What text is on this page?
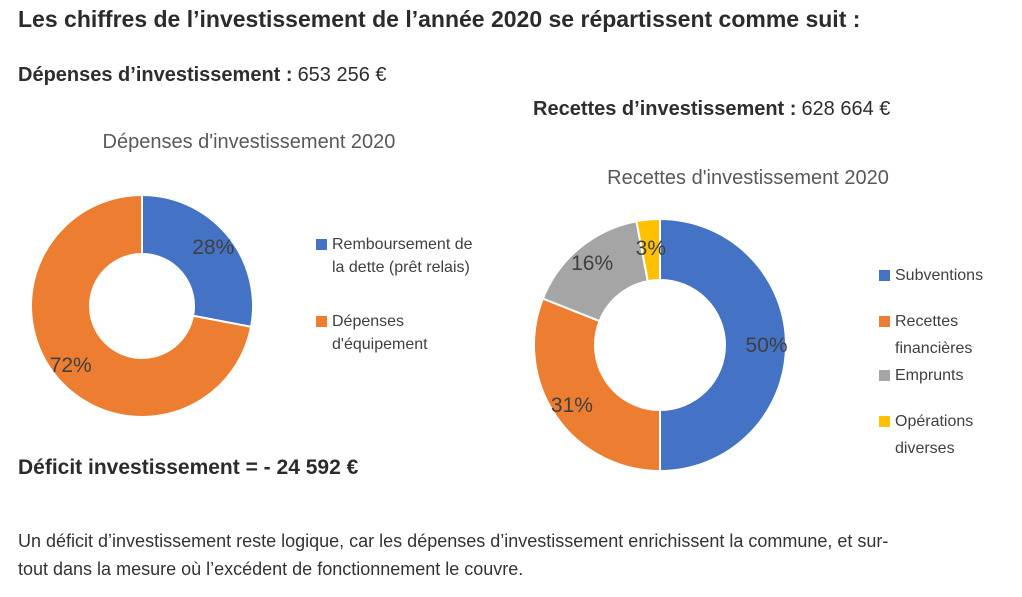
Les chiffres de l’investissement de l’année 2020 se répartissent comme suit :
Dépenses d’investissement : 653 256 €
Recettes d’investissement : 628 664 €
Dépenses d'investissement 2020
28%
72%
Remboursement de la dette (prêt relais)
Dépenses d'équipement
Recettes d'investissement 2020
50%
31%
16%
3%
Subventions
Recettes financières
Emprunts
Opérations diverses
Déficit investissement = - 24 592 €
Un déficit d’investissement reste logique, car les dépenses d’investissement enrichissent la commune, et sur-
tout dans la mesure où l’excédent de fonctionnement le couvre.
